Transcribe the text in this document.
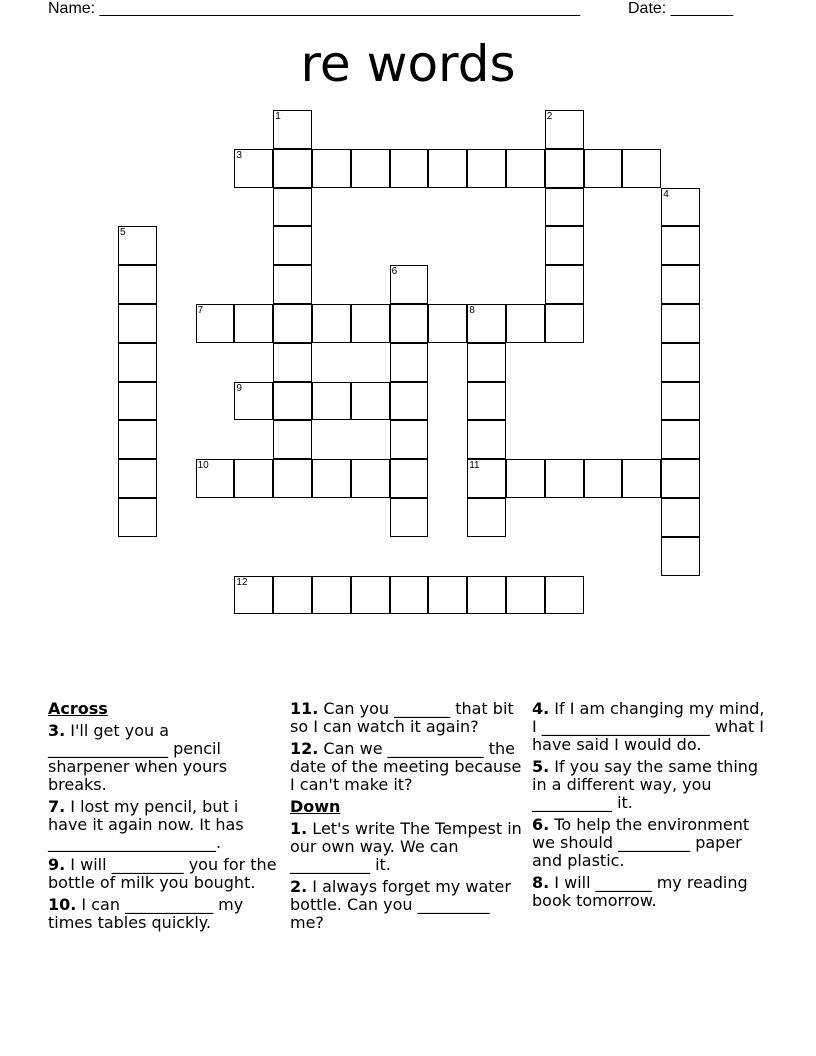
Name: ______________________________________________________	Date: _______
re words
1	2
3
4
5
6
7	8
11
9
10
12
Across
3. I'll get you a _______________ pencil sharpener when yours breaks.
7. I lost my pencil, but i have it again now. It has _____________________.
9. I will _________ you for the bottle of milk you bought.
10. I can ___________ my times tables quickly.
11. Can you _______ that bit so I can watch it again?
12. Can we ____________ the date of the meeting because I can't make it?
Down
1. Let's write The Tempest in our own way. We can __________ it.
2. I always forget my water bottle. Can you _________ me?
4. If I am changing my mind, I _____________________ what I have said I would do.
5. If you say the same thing in a different way, you __________ it.
6. To help the environment we should _________ paper and plastic.
8. I will _______ my reading book tomorrow.
